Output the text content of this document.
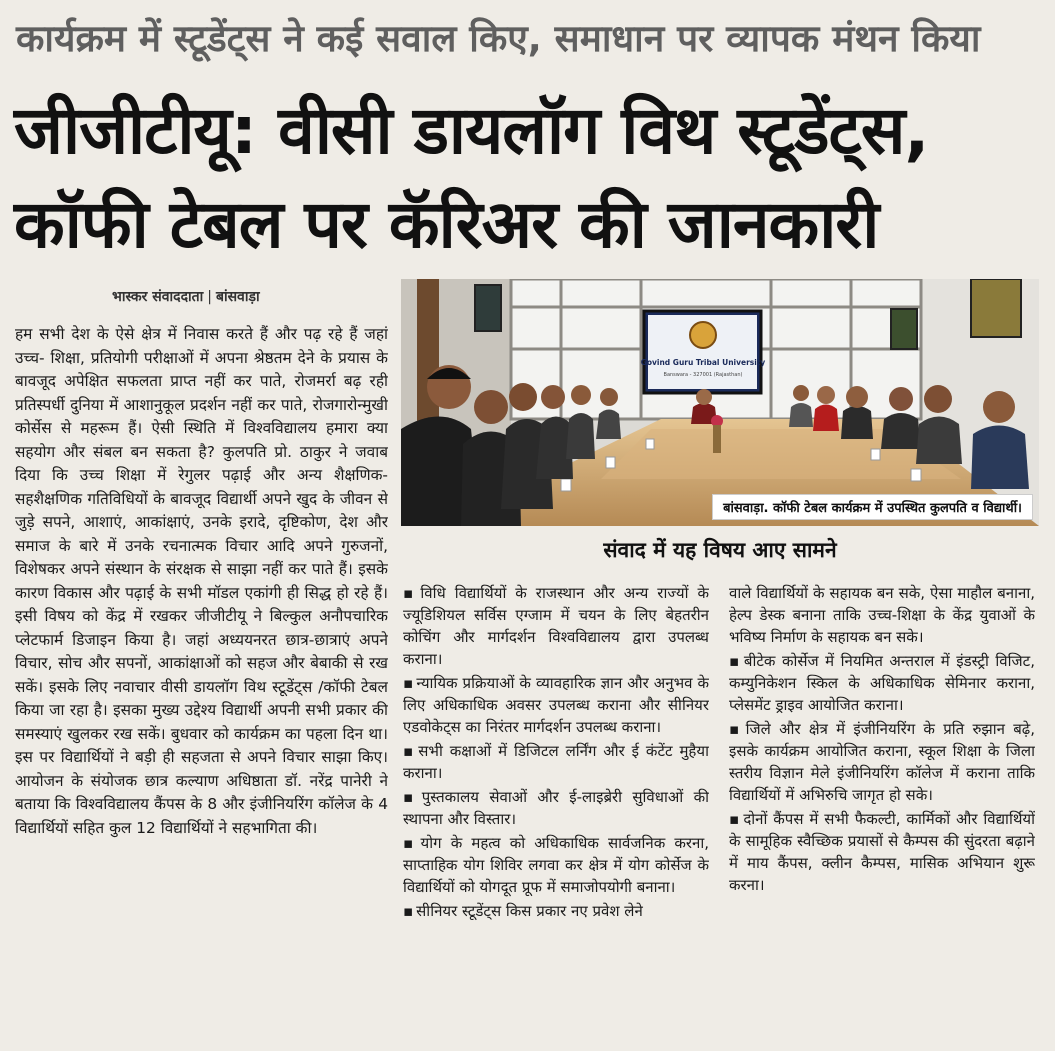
कार्यक्रम में स्टूडेंट्स ने कई सवाल किए, समाधान पर व्यापक मंथन किया
जीजीटीयू: वीसी डायलॉग विथ स्टूडेंट्स,
कॉफी टेबल पर कॅरिअर की जानकारी
भास्कर संवाददाता | बांसवाड़ा
हम सभी देश के ऐसे क्षेत्र में निवास करते हैं और पढ़ रहे हैं जहां उच्च- शिक्षा, प्रतियोगी परीक्षाओं में अपना श्रेष्ठतम देने के प्रयास के बावजूद अपेक्षित सफलता प्राप्त नहीं कर पाते, रोजमर्रा बढ़ रही प्रतिस्पर्धी दुनिया में आशानुकूल प्रदर्शन नहीं कर पाते, रोजगारोन्मुखी कोर्सेस से महरूम हैं। ऐसी स्थिति में विश्वविद्यालय हमारा क्या सहयोग और संबल बन सकता है? कुलपति प्रो. ठाकुर ने जवाब दिया कि उच्च शिक्षा में रेगुलर पढ़ाई और अन्य शैक्षणिक-सहशैक्षणिक गतिविधियों के बावजूद विद्यार्थी अपने खुद के जीवन से जुड़े सपने, आशाएं, आकांक्षाएं, उनके इरादे, दृष्टिकोण, देश और समाज के बारे में उनके रचनात्मक विचार आदि अपने गुरुजनों, विशेषकर अपने संस्थान के संरक्षक से साझा नहीं कर पाते हैं। इसके कारण विकास और पढ़ाई के सभी मॉडल एकांगी ही सिद्ध हो रहे हैं। इसी विषय को केंद्र में रखकर जीजीटीयू ने बिल्कुल अनौपचारिक प्लेटफार्म डिजाइन किया है। जहां अध्ययनरत छात्र-छात्राएं अपने विचार, सोच और सपनों, आकांक्षाओं को सहज और बेबाकी से रख सकें। इसके लिए नवाचार वीसी डायलॉग विथ स्टूडेंट्स /कॉफी टेबल किया जा रहा है। इसका मुख्य उद्देश्य विद्यार्थी अपनी सभी प्रकार की समस्याएं खुलकर रख सकें। बुधवार को कार्यक्रम का पहला दिन था। इस पर विद्यार्थियों ने बड़ी ही सहजता से अपने विचार साझा किए। आयोजन के संयोजक छात्र कल्याण अधिष्ठाता डॉ. नरेंद्र पानेरी ने बताया कि विश्वविद्यालय कैंपस के 8 और इंजीनियरिंग कॉलेज के 4 विद्यार्थियों सहित कुल 12 विद्यार्थियों ने सहभागिता की।
Govind Guru Tribal University
Banswara - 327001 (Rajasthan)
बांसवाड़ा. कॉफी टेबल कार्यक्रम में उपस्थित कुलपति व विद्यार्थी।
संवाद में यह विषय आए सामने
▪ विधि विद्यार्थियों के राजस्थान और अन्य राज्यों के ज्यूडिशियल सर्विस एग्जाम में चयन के लिए बेहतरीन कोचिंग और मार्गदर्शन विश्वविद्यालय द्वारा उपलब्ध कराना।
▪ न्यायिक प्रक्रियाओं के व्यावहारिक ज्ञान और अनुभव के लिए अधिकाधिक अवसर उपलब्ध कराना और सीनियर एडवोकेट्स का निरंतर मार्गदर्शन उपलब्ध कराना।
▪ सभी कक्षाओं में डिजिटल लर्निंग और ई कंटेंट मुहैया कराना।
▪ पुस्तकालय सेवाओं और ई-लाइब्रेरी सुविधाओं की स्थापना और विस्तार।
▪ योग के महत्व को अधिकाधिक सार्वजनिक करना, साप्ताहिक योग शिविर लगवा कर क्षेत्र में योग कोर्सेज के विद्यार्थियों को योगदूत प्रूफ में समाजोपयोगी बनाना।
▪ सीनियर स्टूडेंट्स किस प्रकार नए प्रवेश लेने
वाले विद्यार्थियों के सहायक बन सके, ऐसा माहौल बनाना, हेल्प डेस्क बनाना ताकि उच्च-शिक्षा के केंद्र युवाओं के भविष्य निर्माण के सहायक बन सके।
▪ बीटेक कोर्सेज में नियमित अन्तराल में इंडस्ट्री विजिट, कम्युनिकेशन स्किल के अधिकाधिक सेमिनार कराना, प्लेसमेंट ड्राइव आयोजित कराना।
▪ जिले और क्षेत्र में इंजीनियरिंग के प्रति रुझान बढ़े, इसके कार्यक्रम आयोजित कराना, स्कूल शिक्षा के जिला स्तरीय विज्ञान मेले इंजीनियरिंग कॉलेज में कराना ताकि विद्यार्थियों में अभिरुचि जागृत हो सके।
▪ दोनों कैंपस में सभी फैकल्टी, कार्मिकों और विद्यार्थियों के सामूहिक स्वैच्छिक प्रयासों से कैम्पस की सुंदरता बढ़ाने में माय कैंपस, क्लीन कैम्पस, मासिक अभियान शुरू करना।
